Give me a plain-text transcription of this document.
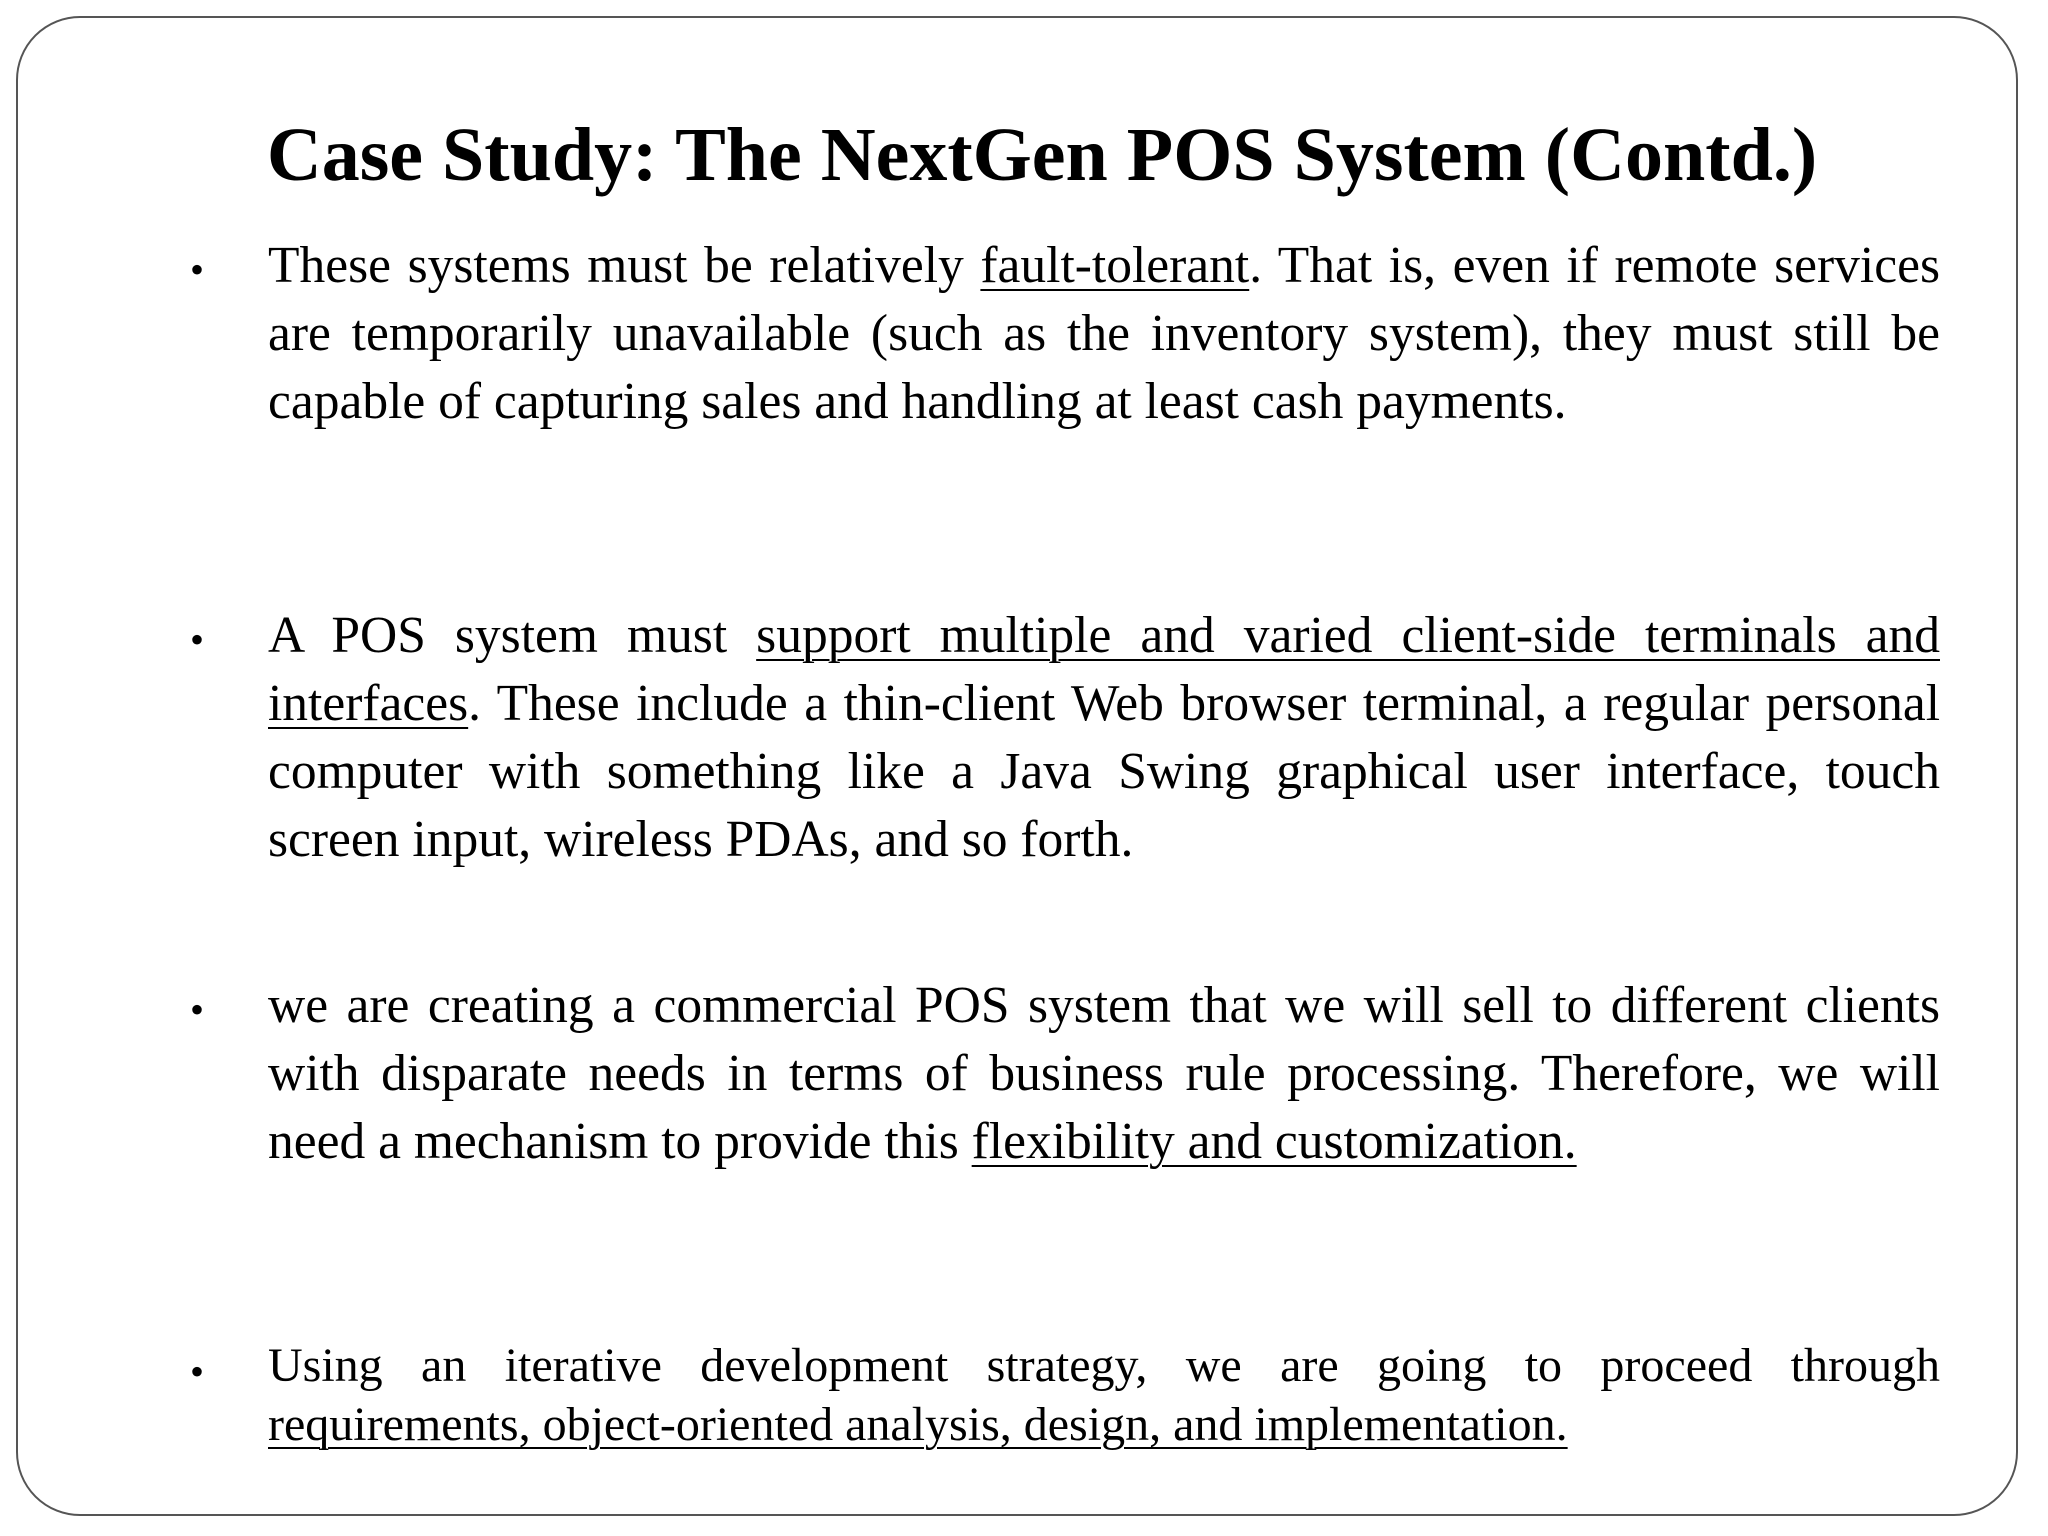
Case Study: The NextGen POS System (Contd.)
• These systems must be relatively fault-tolerant. That is, even if remote services are temporarily unavailable (such as the inventory system), they must still be capable of capturing sales and handling at least cash payments.
• A POS system must support multiple and varied client-side terminals and interfaces. These include a thin-client Web browser terminal, a regular personal computer with something like a Java Swing graphical user interface, touch screen input, wireless PDAs, and so forth.
• we are creating a commercial POS system that we will sell to different clients with disparate needs in terms of business rule processing. Therefore, we will need a mechanism to provide this flexibility and customization.
• Using an iterative development strategy, we are going to proceed through requirements, object-oriented analysis, design, and implementation.
